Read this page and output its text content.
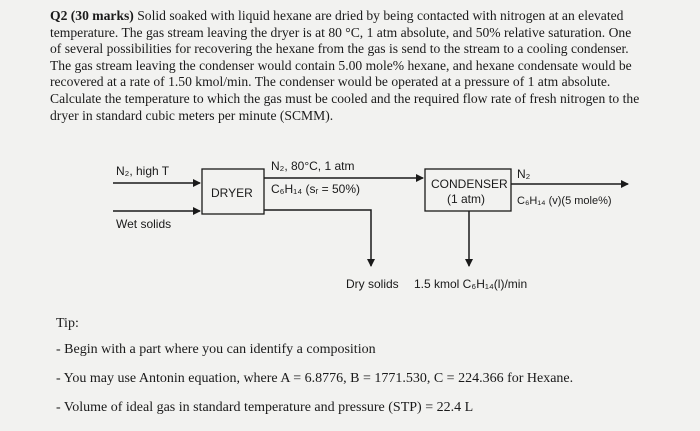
Q2 (30 marks) Solid soaked with liquid hexane are dried by being contacted with nitrogen at an elevated temperature. The gas stream leaving the dryer is at 80 °C, 1 atm absolute, and 50% relative saturation. One of several possibilities for recovering the hexane from the gas is send to the stream to a cooling condenser. The gas stream leaving the condenser would contain 5.00 mole% hexane, and hexane condensate would be recovered at a rate of 1.50 kmol/min. The condenser would be operated at a pressure of 1 atm absolute. Calculate the temperature to which the gas must be cooled and the required flow rate of fresh nitrogen to the dryer in standard cubic meters per minute (SCMM).
N₂, high T
Wet solids
DRYER
N₂, 80°C, 1 atm
C₆H₁₄ (sᵣ = 50%)	CONDENSER
(1 atm)
N₂
C₆H₁₄ (v)(5 mole%)
Dry solids 1.5 kmol C₆H₁₄(l)/min
Tip:
- Begin with a part where you can identify a composition
- You may use Antonin equation, where A = 6.8776, B = 1771.530, C = 224.366 for Hexane.
- Volume of ideal gas in standard temperature and pressure (STP) = 22.4 L
